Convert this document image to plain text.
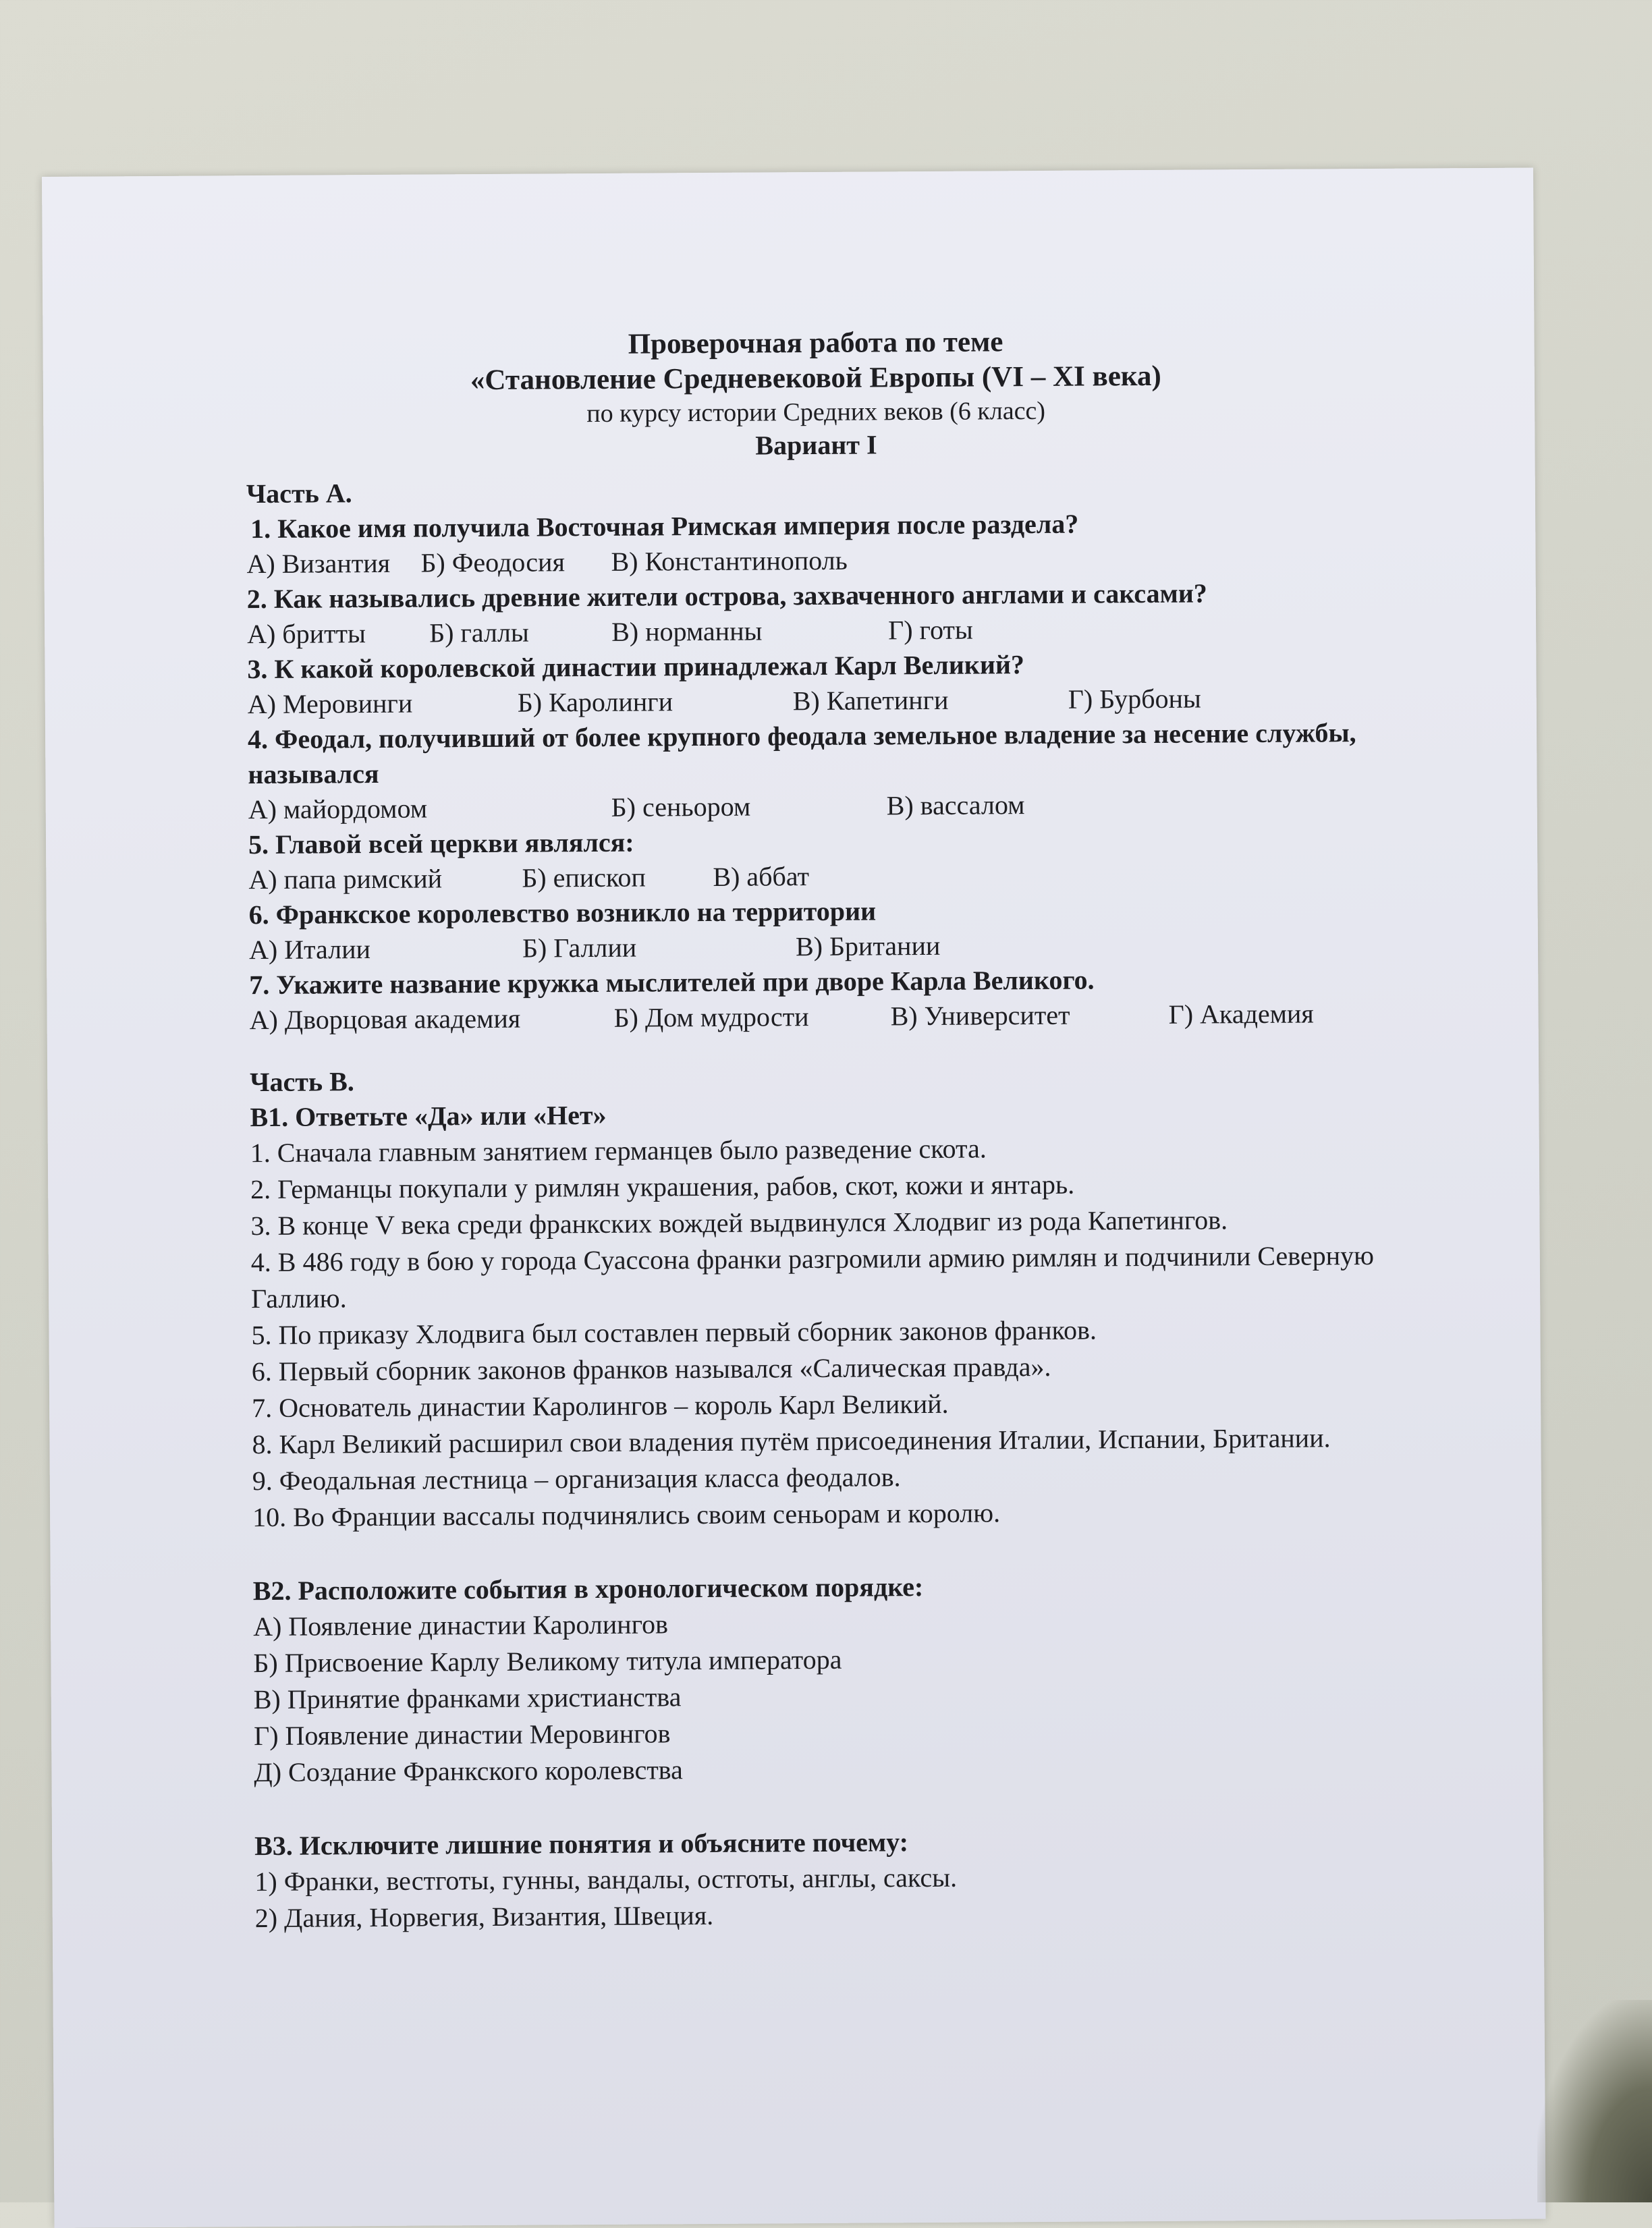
Проверочная работа по теме
«Становление Средневековой Европы (VI – XI века)
по курсу истории Средних веков (6 класс)
Вариант I
Часть А.
1. Какое имя получила Восточная Римская империя после раздела?
А) Византия Б) Феодосия В) Константинополь
2. Как назывались древние жители острова, захваченного англами и саксами?
А) бритты Б) галлы	В) норманны	Г) готы
3. К какой королевской династии принадлежал Карл Великий?
А) Меровинги	Б) Каролинги	В) Капетинги	Г) Бурбоны
4. Феодал, получивший от более крупного феодала земельное владение за несение службы, назывался
А) майордомом	Б) сеньором	В) вассалом
5. Главой всей церкви являлся:
А) папа римский	Б) епископ В) аббат
6. Франкское королевство возникло на территории
А) Италии	Б) Галлии	В) Британии
7. Укажите название кружка мыслителей при дворе Карла Великого.
А) Дворцовая академия	Б) Дом мудрости	В) Университет	Г) Академия
Часть В.
В1. Ответьте «Да» или «Нет»
1. Сначала главным занятием германцев было разведение скота.
2. Германцы покупали у римлян украшения, рабов, скот, кожи и янтарь.
3. В конце V века среди франкских вождей выдвинулся Хлодвиг из рода Капетингов.
4. В 486 году в бою у города Суассона франки разгромили армию римлян и подчинили Северную Галлию.
5. По приказу Хлодвига был составлен первый сборник законов франков.
6. Первый сборник законов франков назывался «Салическая правда».
7. Основатель династии Каролингов – король Карл Великий.
8. Карл Великий расширил свои владения путём присоединения Италии, Испании, Британии.
9. Феодальная лестница – организация класса феодалов.
10. Во Франции вассалы подчинялись своим сеньорам и королю.
В2. Расположите события в хронологическом порядке:
А) Появление династии Каролингов
Б) Присвоение Карлу Великому титула императора
В) Принятие франками христианства
Г) Появление династии Меровингов
Д) Создание Франкского королевства
В3. Исключите лишние понятия и объясните почему:
1) Франки, вестготы, гунны, вандалы, остготы, англы, саксы.
2) Дания, Норвегия, Византия, Швеция.
